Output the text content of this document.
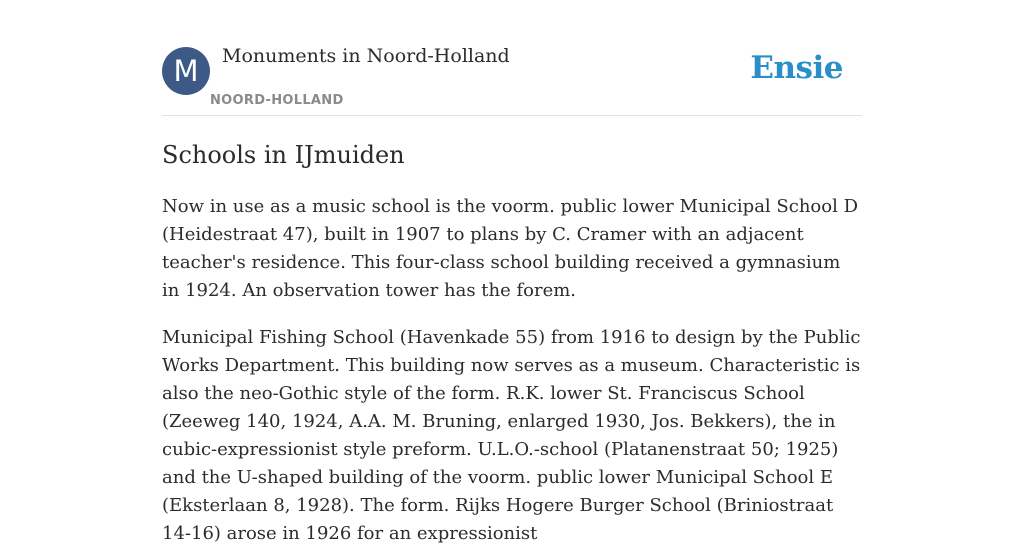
M	Monuments in Noord-Holland
NOORD-HOLLAND
Ensie
Schools in IJmuiden

Now in use as a music school is the voorm. public lower Municipal School D (Heidestraat 47), built in 1907 to plans by C. Cramer with an adjacent teacher's residence. This four-class school building received a gymnasium in 1924. An observation tower has the forem.

Municipal Fishing School (Havenkade 55) from 1916 to design by the Public Works Department. This building now serves as a museum. Characteristic is also the neo-Gothic style of the form. R.K. lower St. Franciscus School (Zeeweg 140, 1924, A.A. M. Bruning, enlarged 1930, Jos. Bekkers), the in cubic-expressionist style preform. U.L.O.-school (Platanenstraat 50; 1925) and the U-shaped building of the voorm. public lower Municipal School E (Eksterlaan 8, 1928). The form. Rijks Hogere Burger School (Briniostraat 14-16) arose in 1926 for an expressionist
